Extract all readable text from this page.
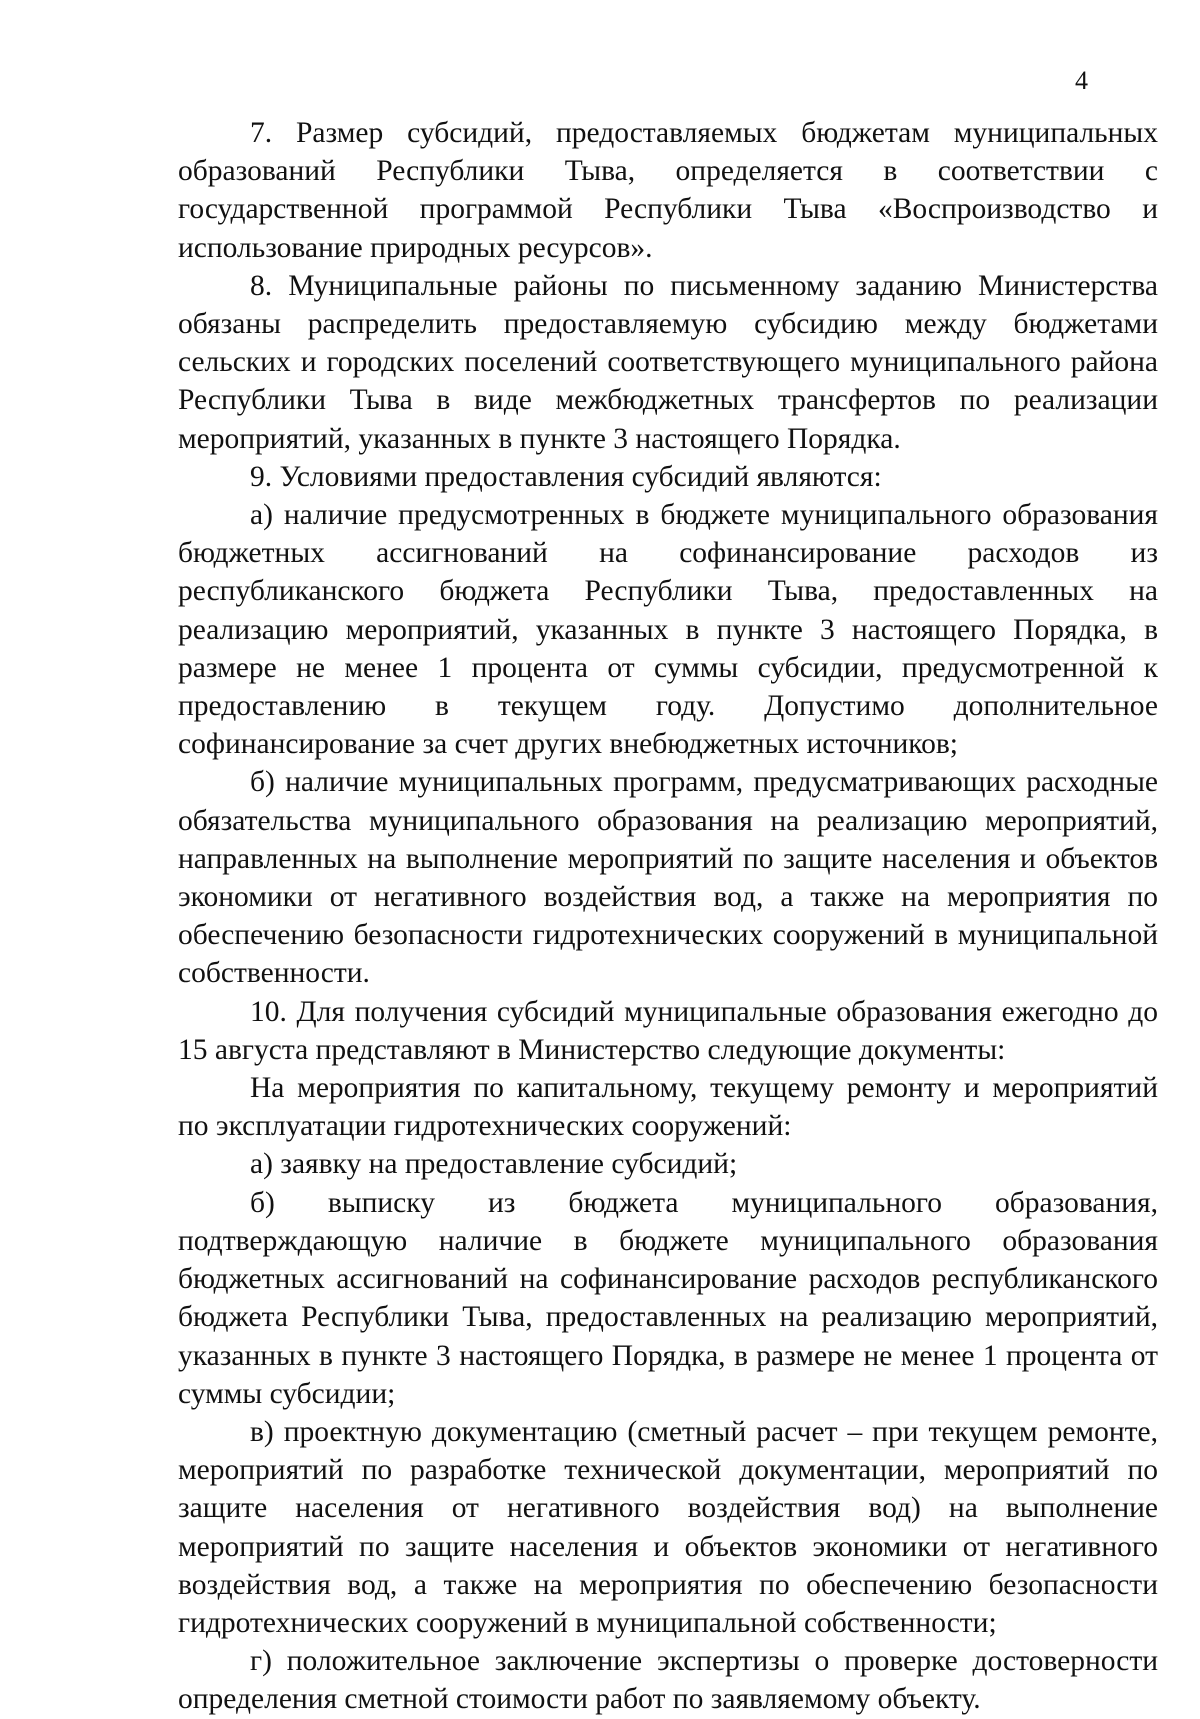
4

7. Размер субсидий, предоставляемых бюджетам муниципальных образований Республики Тыва, определяется в соответствии с государственной программой Республики Тыва «Воспроизводство и использование природных ресурсов».

8. Муниципальные районы по письменному заданию Министерства обязаны распределить предоставляемую субсидию между бюджетами сельских и городских поселений соответствующего муниципального района Республики Тыва в виде межбюджетных трансфертов по реализации мероприятий, указанных в пункте 3 настоящего Порядка.

9. Условиями предоставления субсидий являются:

а) наличие предусмотренных в бюджете муниципального образования бюджетных ассигнований на софинансирование расходов из республиканского бюджета Республики Тыва, предоставленных на реализацию мероприятий, указанных в пункте 3 настоящего Порядка, в размере не менее 1 процента от суммы субсидии, предусмотренной к предоставлению в текущем году. Допустимо дополнительное софинансирование за счет других внебюджетных источников;

б) наличие муниципальных программ, предусматривающих расходные обязательства муниципального образования на реализацию мероприятий, направленных на выполнение мероприятий по защите населения и объектов экономики от негативного воздействия вод, а также на мероприятия по обеспечению безопасности гидротехнических сооружений в муниципальной собственности.

10. Для получения субсидий муниципальные образования ежегодно до 15 августа представляют в Министерство следующие документы:

На мероприятия по капитальному, текущему ремонту и мероприятий по эксплуатации гидротехнических сооружений:

а) заявку на предоставление субсидий;

б) выписку из бюджета муниципального образования, подтверждающую наличие в бюджете муниципального образования бюджетных ассигнований на софинансирование расходов республиканского бюджета Республики Тыва, предоставленных на реализацию мероприятий, указанных в пункте 3 настоящего Порядка, в размере не менее 1 процента от суммы субсидии;

в) проектную документацию (сметный расчет – при текущем ремонте, мероприятий по разработке технической документации, мероприятий по защите населения от негативного воздействия вод) на выполнение мероприятий по защите населения и объектов экономики от негативного воздействия вод, а также на мероприятия по обеспечению безопасности гидротехнических сооружений в муниципальной собственности;

г) положительное заключение экспертизы о проверке достоверности определения сметной стоимости работ по заявляемому объекту.
